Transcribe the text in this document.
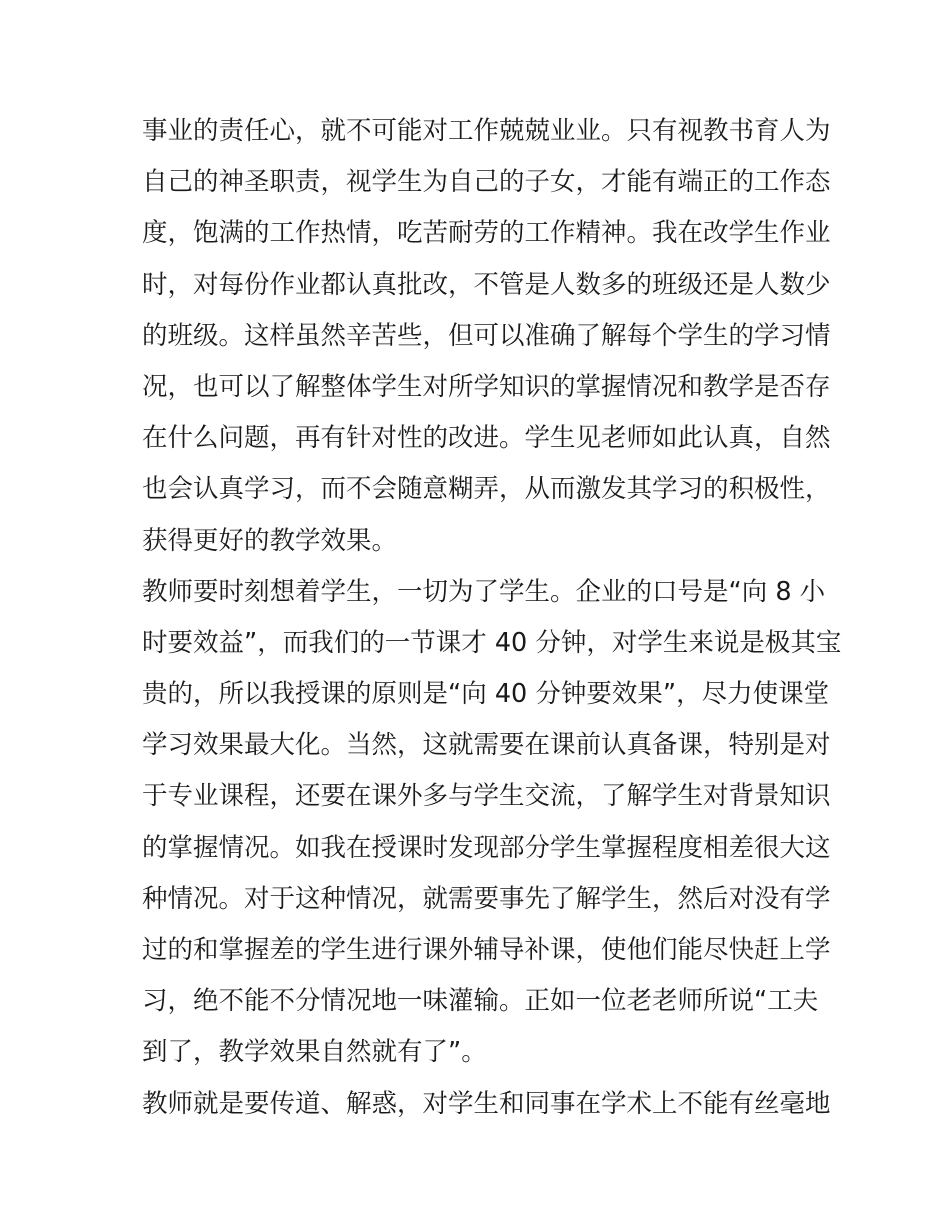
事业的责任心，就不可能对工作兢兢业业。只有视教书育人为
自己的神圣职责，视学生为自己的子女，才能有端正的工作态
度，饱满的工作热情，吃苦耐劳的工作精神。我在改学生作业
时，对每份作业都认真批改，不管是人数多的班级还是人数少
的班级。这样虽然辛苦些，但可以准确了解每个学生的学习情
况，也可以了解整体学生对所学知识的掌握情况和教学是否存
在什么问题，再有针对性的改进。学生见老师如此认真，自然
也会认真学习，而不会随意糊弄，从而激发其学习的积极性，
获得更好的教学效果。
教师要时刻想着学生，一切为了学生。企业的口号是“向 8 小
时要效益”，而我们的一节课才 40 分钟，对学生来说是极其宝
贵的，所以我授课的原则是“向 40 分钟要效果”，尽力使课堂
学习效果最大化。当然，这就需要在课前认真备课，特别是对
于专业课程，还要在课外多与学生交流，了解学生对背景知识
的掌握情况。如我在授课时发现部分学生掌握程度相差很大这
种情况。对于这种情况，就需要事先了解学生，然后对没有学
过的和掌握差的学生进行课外辅导补课，使他们能尽快赶上学
习，绝不能不分情况地一味灌输。正如一位老老师所说“工夫
到了，教学效果自然就有了”。
教师就是要传道、解惑，对学生和同事在学术上不能有丝毫地
